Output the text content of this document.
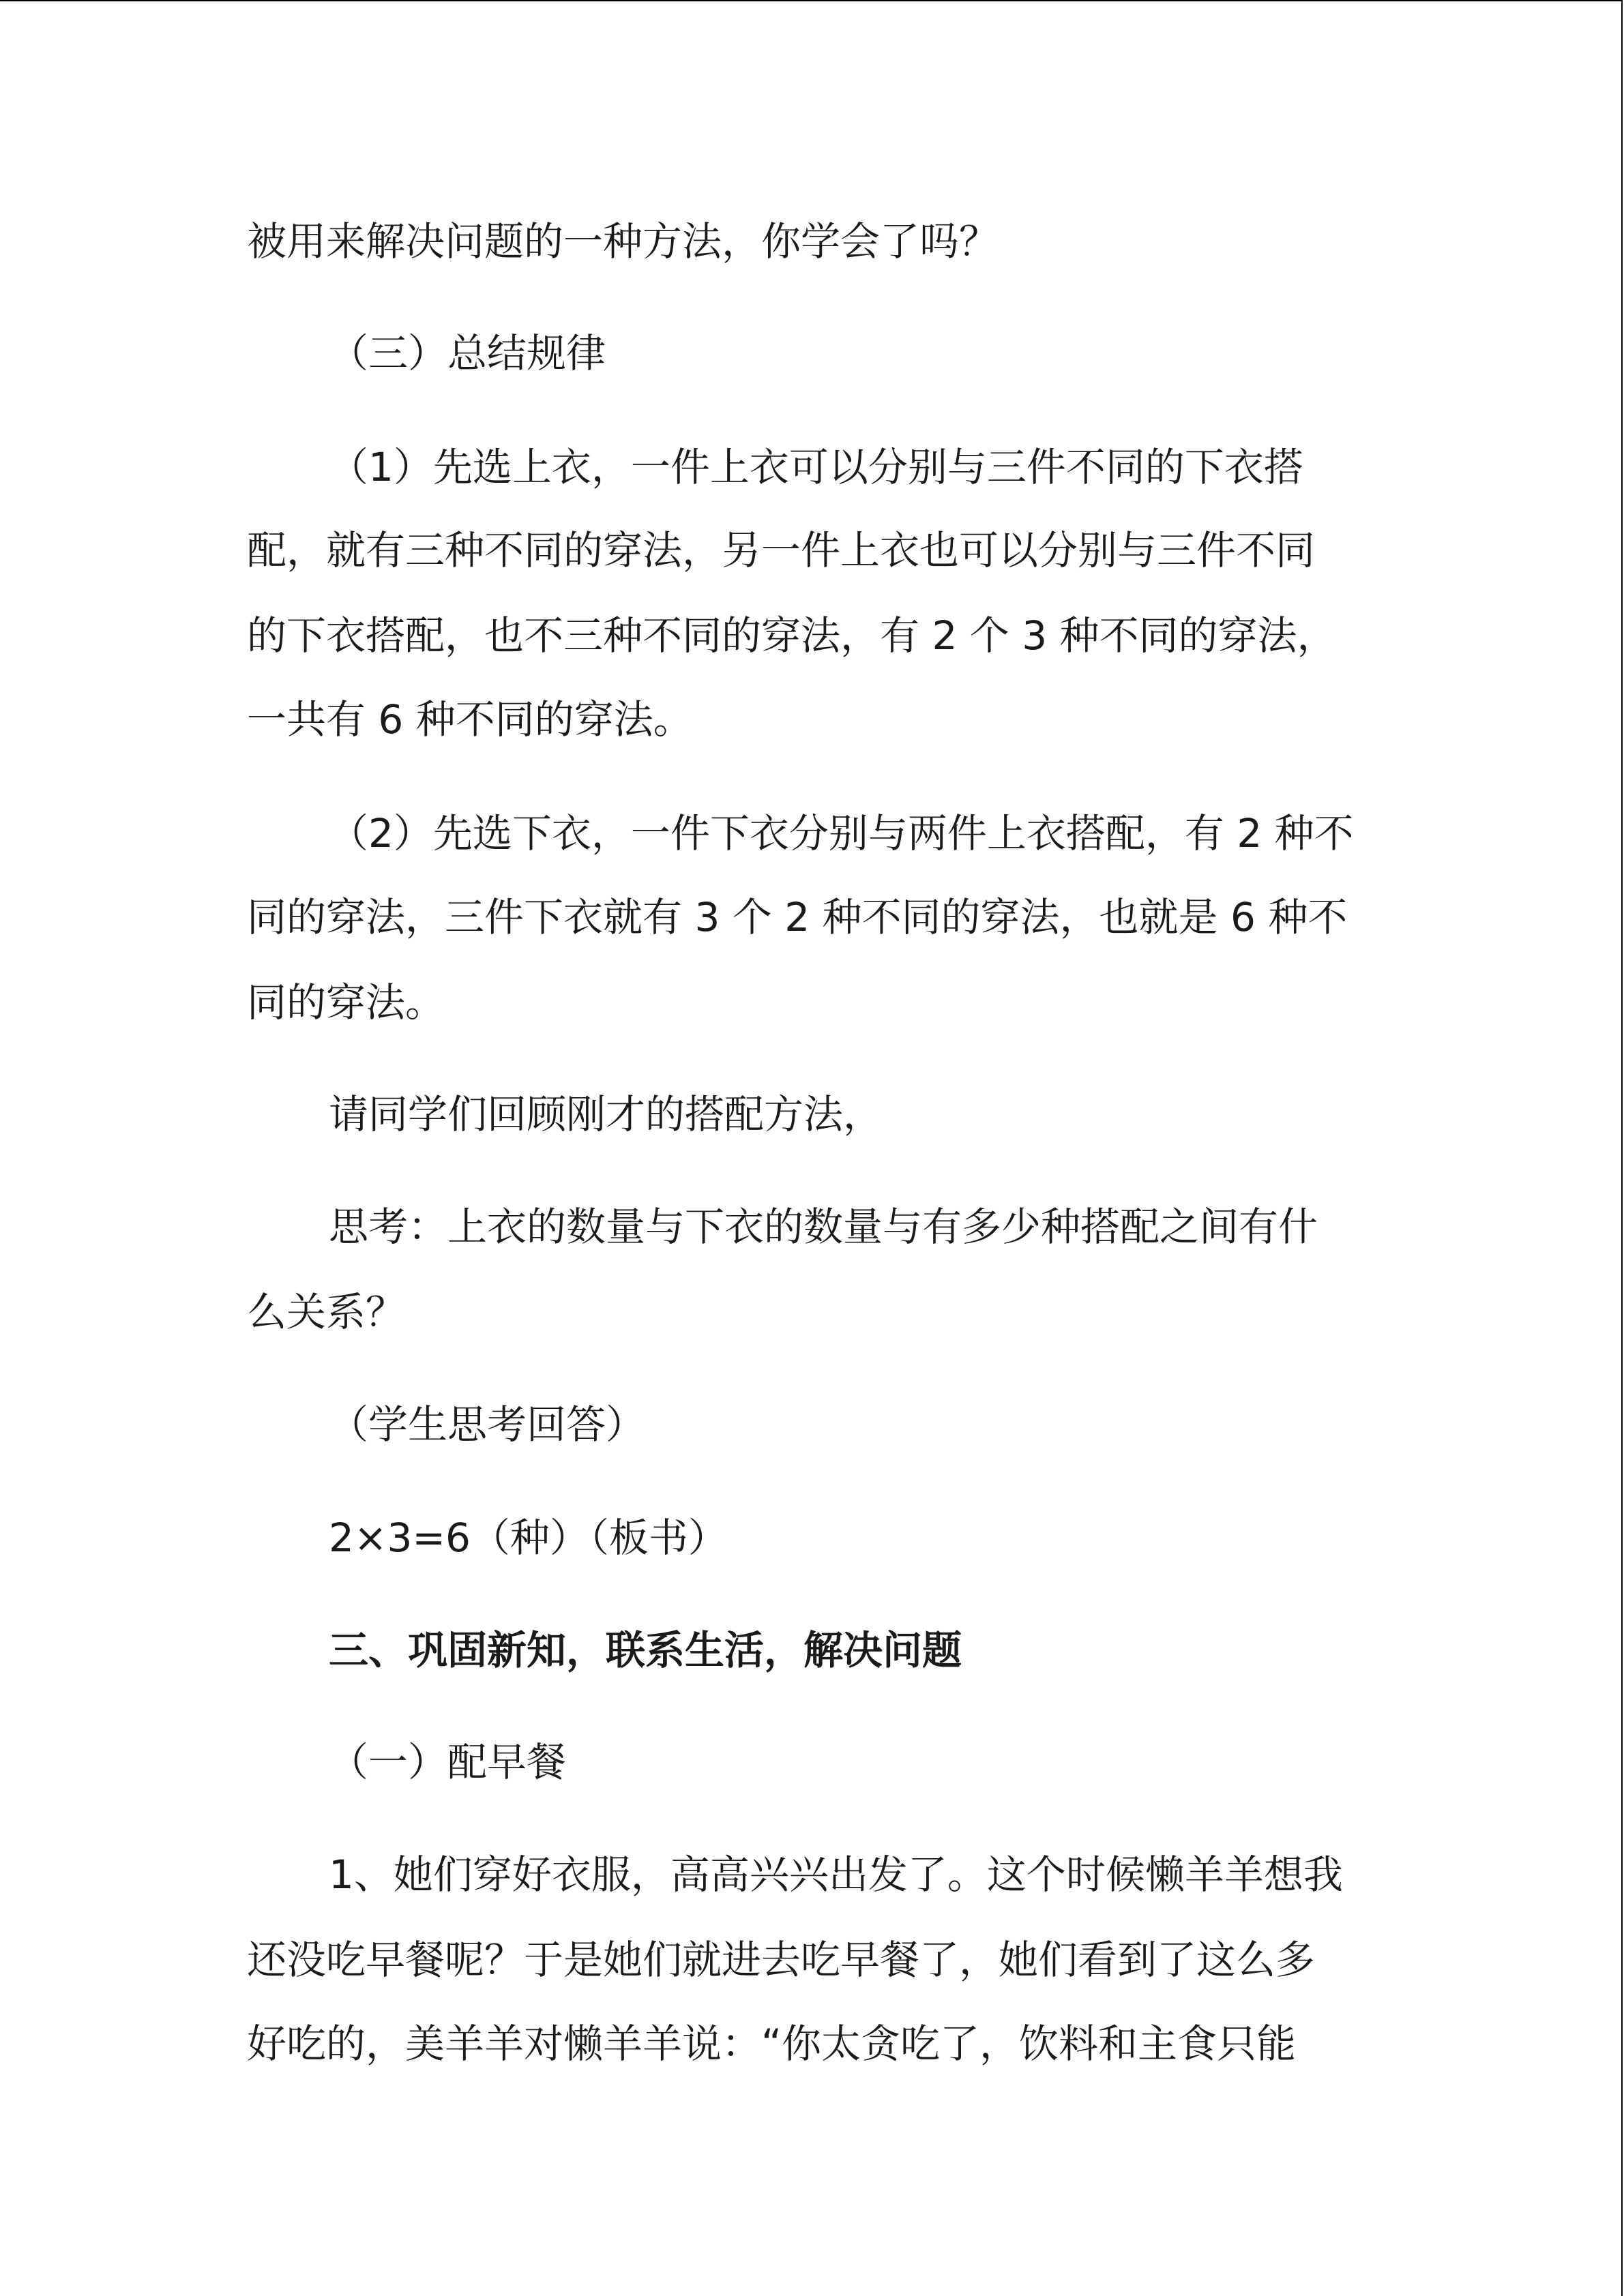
被用来解决问题的一种方法，你学会了吗？
（三）总结规律
（1）先选上衣，一件上衣可以分别与三件不同的下衣搭
配，就有三种不同的穿法，另一件上衣也可以分别与三件不同
的下衣搭配，也不三种不同的穿法，有 2 个 3 种不同的穿法，
一共有 6 种不同的穿法。
（2）先选下衣，一件下衣分别与两件上衣搭配，有 2 种不
同的穿法，三件下衣就有 3 个 2 种不同的穿法，也就是 6 种不
同的穿法。
请同学们回顾刚才的搭配方法，
思考：上衣的数量与下衣的数量与有多少种搭配之间有什
么关系？
（学生思考回答）
2×3=6（种）（板书）
三、巩固新知，联系生活，解决问题
（一）配早餐
1、她们穿好衣服，高高兴兴出发了。这个时候懒羊羊想我
还没吃早餐呢？于是她们就进去吃早餐了，她们看到了这么多
好吃的，美羊羊对懒羊羊说：“你太贪吃了，饮料和主食只能
